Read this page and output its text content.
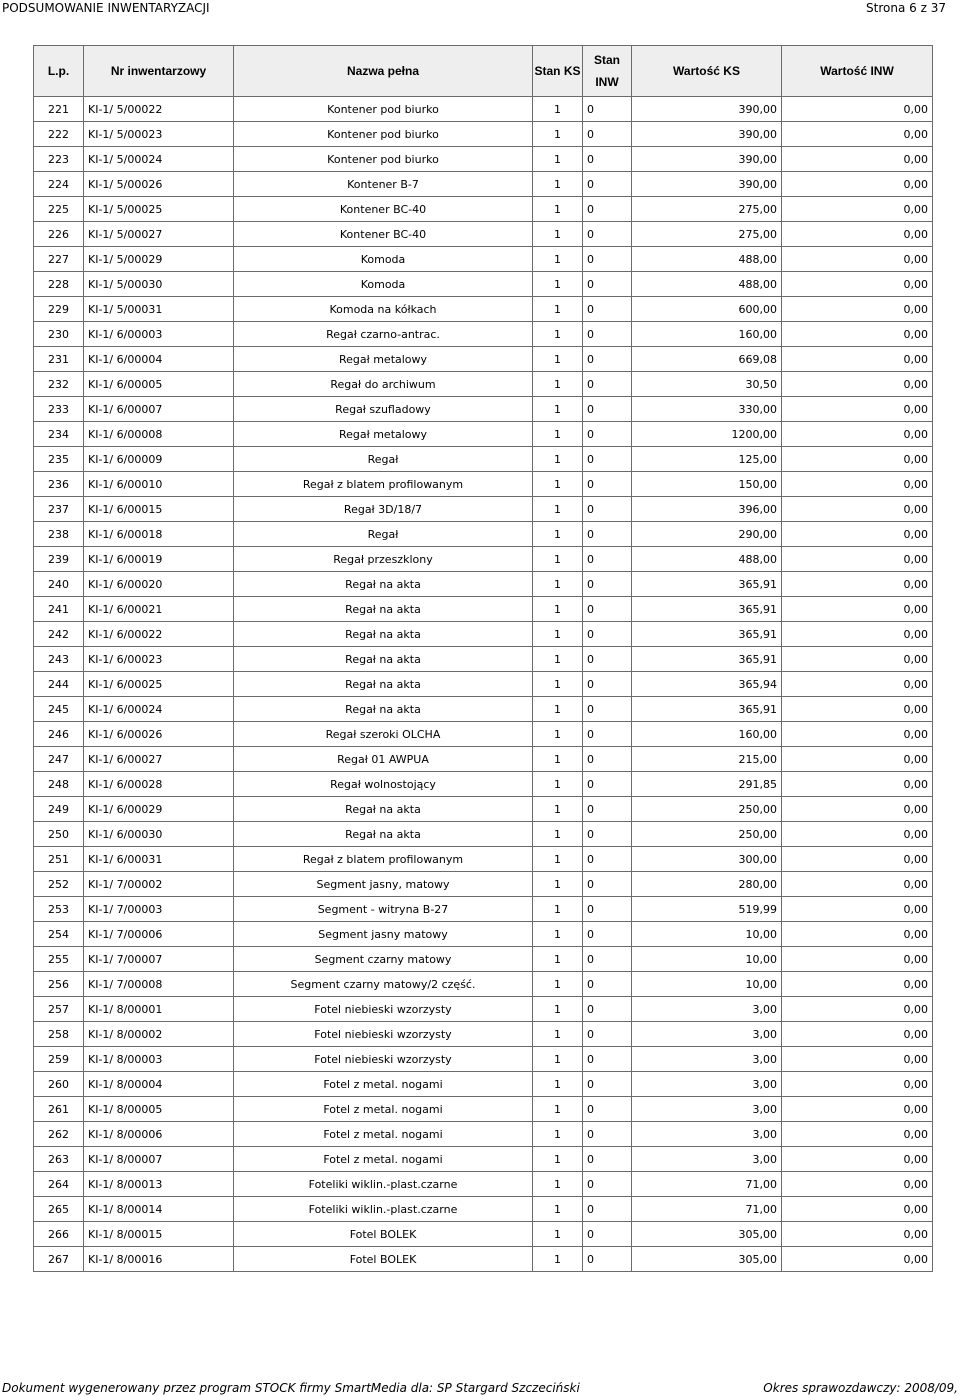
PODSUMOWANIE INWENTARYZACJI	Strona 6 z 37
L.p.	Nr inwentarzowy	Nazwa pełna	Stan KS	Stan
INW	Wartość KS	Wartość INW
221	KI-1/ 5/00022	Kontener pod biurko	1	0	390,00	0,00
222	KI-1/ 5/00023	Kontener pod biurko	1	0	390,00	0,00
223	KI-1/ 5/00024	Kontener pod biurko	1	0	390,00	0,00
224	KI-1/ 5/00026	Kontener B-7	1	0	390,00	0,00
225	KI-1/ 5/00025	Kontener BC-40	1	0	275,00	0,00
226	KI-1/ 5/00027	Kontener BC-40	1	0	275,00	0,00
227	KI-1/ 5/00029	Komoda	1	0	488,00	0,00
228	KI-1/ 5/00030	Komoda	1	0	488,00	0,00
229	KI-1/ 5/00031	Komoda na kółkach	1	0	600,00	0,00
230	KI-1/ 6/00003	Regał czarno-antrac.	1	0	160,00	0,00
231	KI-1/ 6/00004	Regał metalowy	1	0	669,08	0,00
232	KI-1/ 6/00005	Regał do archiwum	1	0	30,50	0,00
233	KI-1/ 6/00007	Regał szufladowy	1	0	330,00	0,00
234	KI-1/ 6/00008	Regał metalowy	1	0	1200,00	0,00
235	KI-1/ 6/00009	Regał	1	0	125,00	0,00
236	KI-1/ 6/00010	Regał z blatem profilowanym	1	0	150,00	0,00
237	KI-1/ 6/00015	Regał 3D/18/7	1	0	396,00	0,00
238	KI-1/ 6/00018	Regał	1	0	290,00	0,00
239	KI-1/ 6/00019	Regał przeszklony	1	0	488,00	0,00
240	KI-1/ 6/00020	Regał na akta	1	0	365,91	0,00
241	KI-1/ 6/00021	Regał na akta	1	0	365,91	0,00
242	KI-1/ 6/00022	Regał na akta	1	0	365,91	0,00
243	KI-1/ 6/00023	Regał na akta	1	0	365,91	0,00
244	KI-1/ 6/00025	Regał na akta	1	0	365,94	0,00
245	KI-1/ 6/00024	Regał na akta	1	0	365,91	0,00
246	KI-1/ 6/00026	Regał szeroki OLCHA	1	0	160,00	0,00
247	KI-1/ 6/00027	Regał 01 AWPUA	1	0	215,00	0,00
248	KI-1/ 6/00028	Regał wolnostojący	1	0	291,85	0,00
249	KI-1/ 6/00029	Regał na akta	1	0	250,00	0,00
250	KI-1/ 6/00030	Regał na akta	1	0	250,00	0,00
251	KI-1/ 6/00031	Regał z blatem profilowanym	1	0	300,00	0,00
252	KI-1/ 7/00002	Segment jasny, matowy	1	0	280,00	0,00
253	KI-1/ 7/00003	Segment - witryna B-27	1	0	519,99	0,00
254	KI-1/ 7/00006	Segment jasny matowy	1	0	10,00	0,00
255	KI-1/ 7/00007	Segment czarny matowy	1	0	10,00	0,00
256	KI-1/ 7/00008	Segment czarny matowy/2 część.	1	0	10,00	0,00
257	KI-1/ 8/00001	Fotel niebieski wzorzysty	1	0	3,00	0,00
258	KI-1/ 8/00002	Fotel niebieski wzorzysty	1	0	3,00	0,00
259	KI-1/ 8/00003	Fotel niebieski wzorzysty	1	0	3,00	0,00
260	KI-1/ 8/00004	Fotel z metal. nogami	1	0	3,00	0,00
261	KI-1/ 8/00005	Fotel z metal. nogami	1	0	3,00	0,00
262	KI-1/ 8/00006	Fotel z metal. nogami	1	0	3,00	0,00
263	KI-1/ 8/00007	Fotel z metal. nogami	1	0	3,00	0,00
264	KI-1/ 8/00013	Foteliki wiklin.-plast.czarne	1	0	71,00	0,00
265	KI-1/ 8/00014	Foteliki wiklin.-plast.czarne	1	0	71,00	0,00
266	KI-1/ 8/00015	Fotel BOLEK	1	0	305,00	0,00
267	KI-1/ 8/00016	Fotel BOLEK	1	0	305,00	0,00
Dokument wygenerowany przez program STOCK firmy SmartMedia dla: SP Stargard Szczeciński	Okres sprawozdawczy: 2008/09,
